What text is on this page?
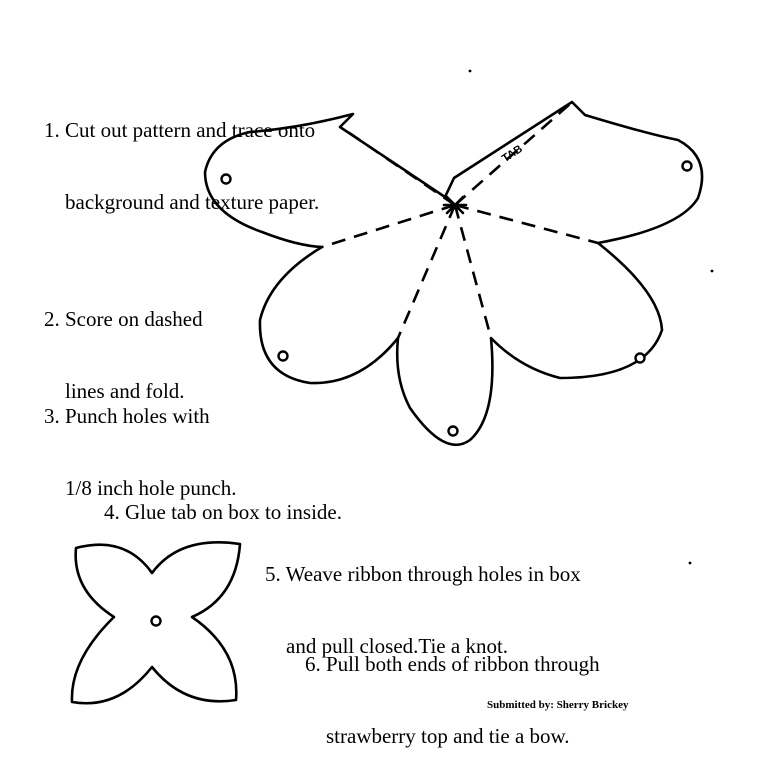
TAB

1. Cut out pattern and trace onto

background and texture paper.

2. Score on dashed

lines and fold.

3. Punch holes with

1/8 inch hole punch.

4. Glue tab on box to inside.

5. Weave ribbon through holes in box

and pull closed.Tie a knot.

6. Pull both ends of ribbon through

strawberry top and tie a bow.

Submitted by: Sherry Brickey
